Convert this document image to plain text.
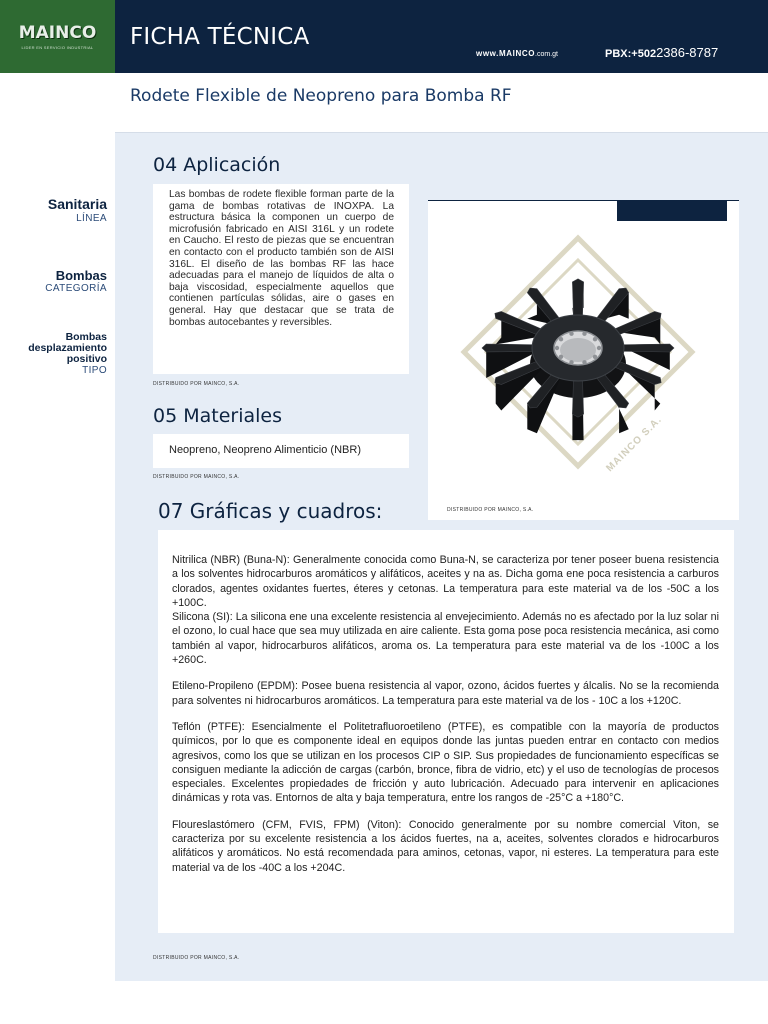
MAINCO
LIDER EN SERVICIO INDUSTRIAL FICHA TÉCNICA
www.MAINCO.com.gt	PBX:+5022386-8787
Rodete Flexible de Neopreno para Bomba RF
Sanitaria
LÍNEA
Bombas
CATEGORÍA
Bombas
desplazamiento
positivo
TIPO
04 Aplicación

Las bombas de rodete flexible forman parte de la gama de bombas rotativas de INOXPA. La estructura básica la componen un cuerpo de microfusión fabricado en AISI 316L y un rodete en Caucho. El resto de piezas que se encuentran en contacto con el producto también son de AISI 316L. El diseño de las bombas RF las hace adecuadas para el manejo de líquidos de alta o baja viscosidad, especialmente aquellos que contienen partículas sólidas, aire o gases en general. Hay que destacar que se trata de bombas autocebantes y reversibles.

DISTRIBUIDO POR MAINCO, S.A.
05 Materiales
Neopreno, Neopreno Alimenticio (NBR)
DISTRIBUIDO POR MAINCO, S.A.
MAINCO S.A.
DISTRIBUIDO POR MAINCO, S.A.
07 Gráficas y cuadros:

Nitrilica (NBR) (Buna-N): Generalmente conocida como Buna-N, se caracteriza por tener poseer buena resistencia a los solventes hidrocarburos aromáticos y alifáticos, aceites y na as. Dicha goma ene poca resistencia a carburos clorados, agentes oxidantes fuertes, éteres y cetonas. La temperatura para este material va de los -50C a los +100C.
Silicona (SI): La silicona ene una excelente resistencia al envejecimiento. Además no es afectado por la luz solar ni el ozono, lo cual hace que sea muy utilizada en aire caliente. Esta goma pose poca resistencia mecánica, asi como también al vapor, hidrocarburos alifáticos, aroma os. La temperatura para este material va de los -100C a los +260C.

Etileno-Propileno (EPDM): Posee buena resistencia al vapor, ozono, ácidos fuertes y álcalis. No se la recomienda para solventes ni hidrocarburos aromáticos. La temperatura para este material va de los - 10C a los +120C.

Teflón (PTFE): Esencialmente el Politetrafluoroetileno (PTFE), es compatible con la mayoría de productos químicos, por lo que es componente ideal en equipos donde las juntas pueden entrar en contacto con medios agresivos, como los que se utilizan en los procesos CIP o SIP. Sus propiedades de funcionamiento específicas se consiguen mediante la adicción de cargas (carbón, bronce, fibra de vidrio, etc) y el uso de tecnologías de procesos especiales. Excelentes propiedades de fricción y auto lubricación. Adecuado para intervenir en aplicaciones dinámicas y rota vas. Entornos de alta y baja temperatura, entre los rangos de -25°C a +180°C.

Floureslastómero (CFM, FVIS, FPM) (Viton): Conocido generalmente por su nombre comercial Viton, se caracteriza por su excelente resistencia a los ácidos fuertes, na a, aceites, solventes clorados e hidrocarburos alifáticos y aromáticos. No está recomendada para aminos, cetonas, vapor, ni esteres. La temperatura para este material va de los -40C a los +204C.

DISTRIBUIDO POR MAINCO, S.A.
